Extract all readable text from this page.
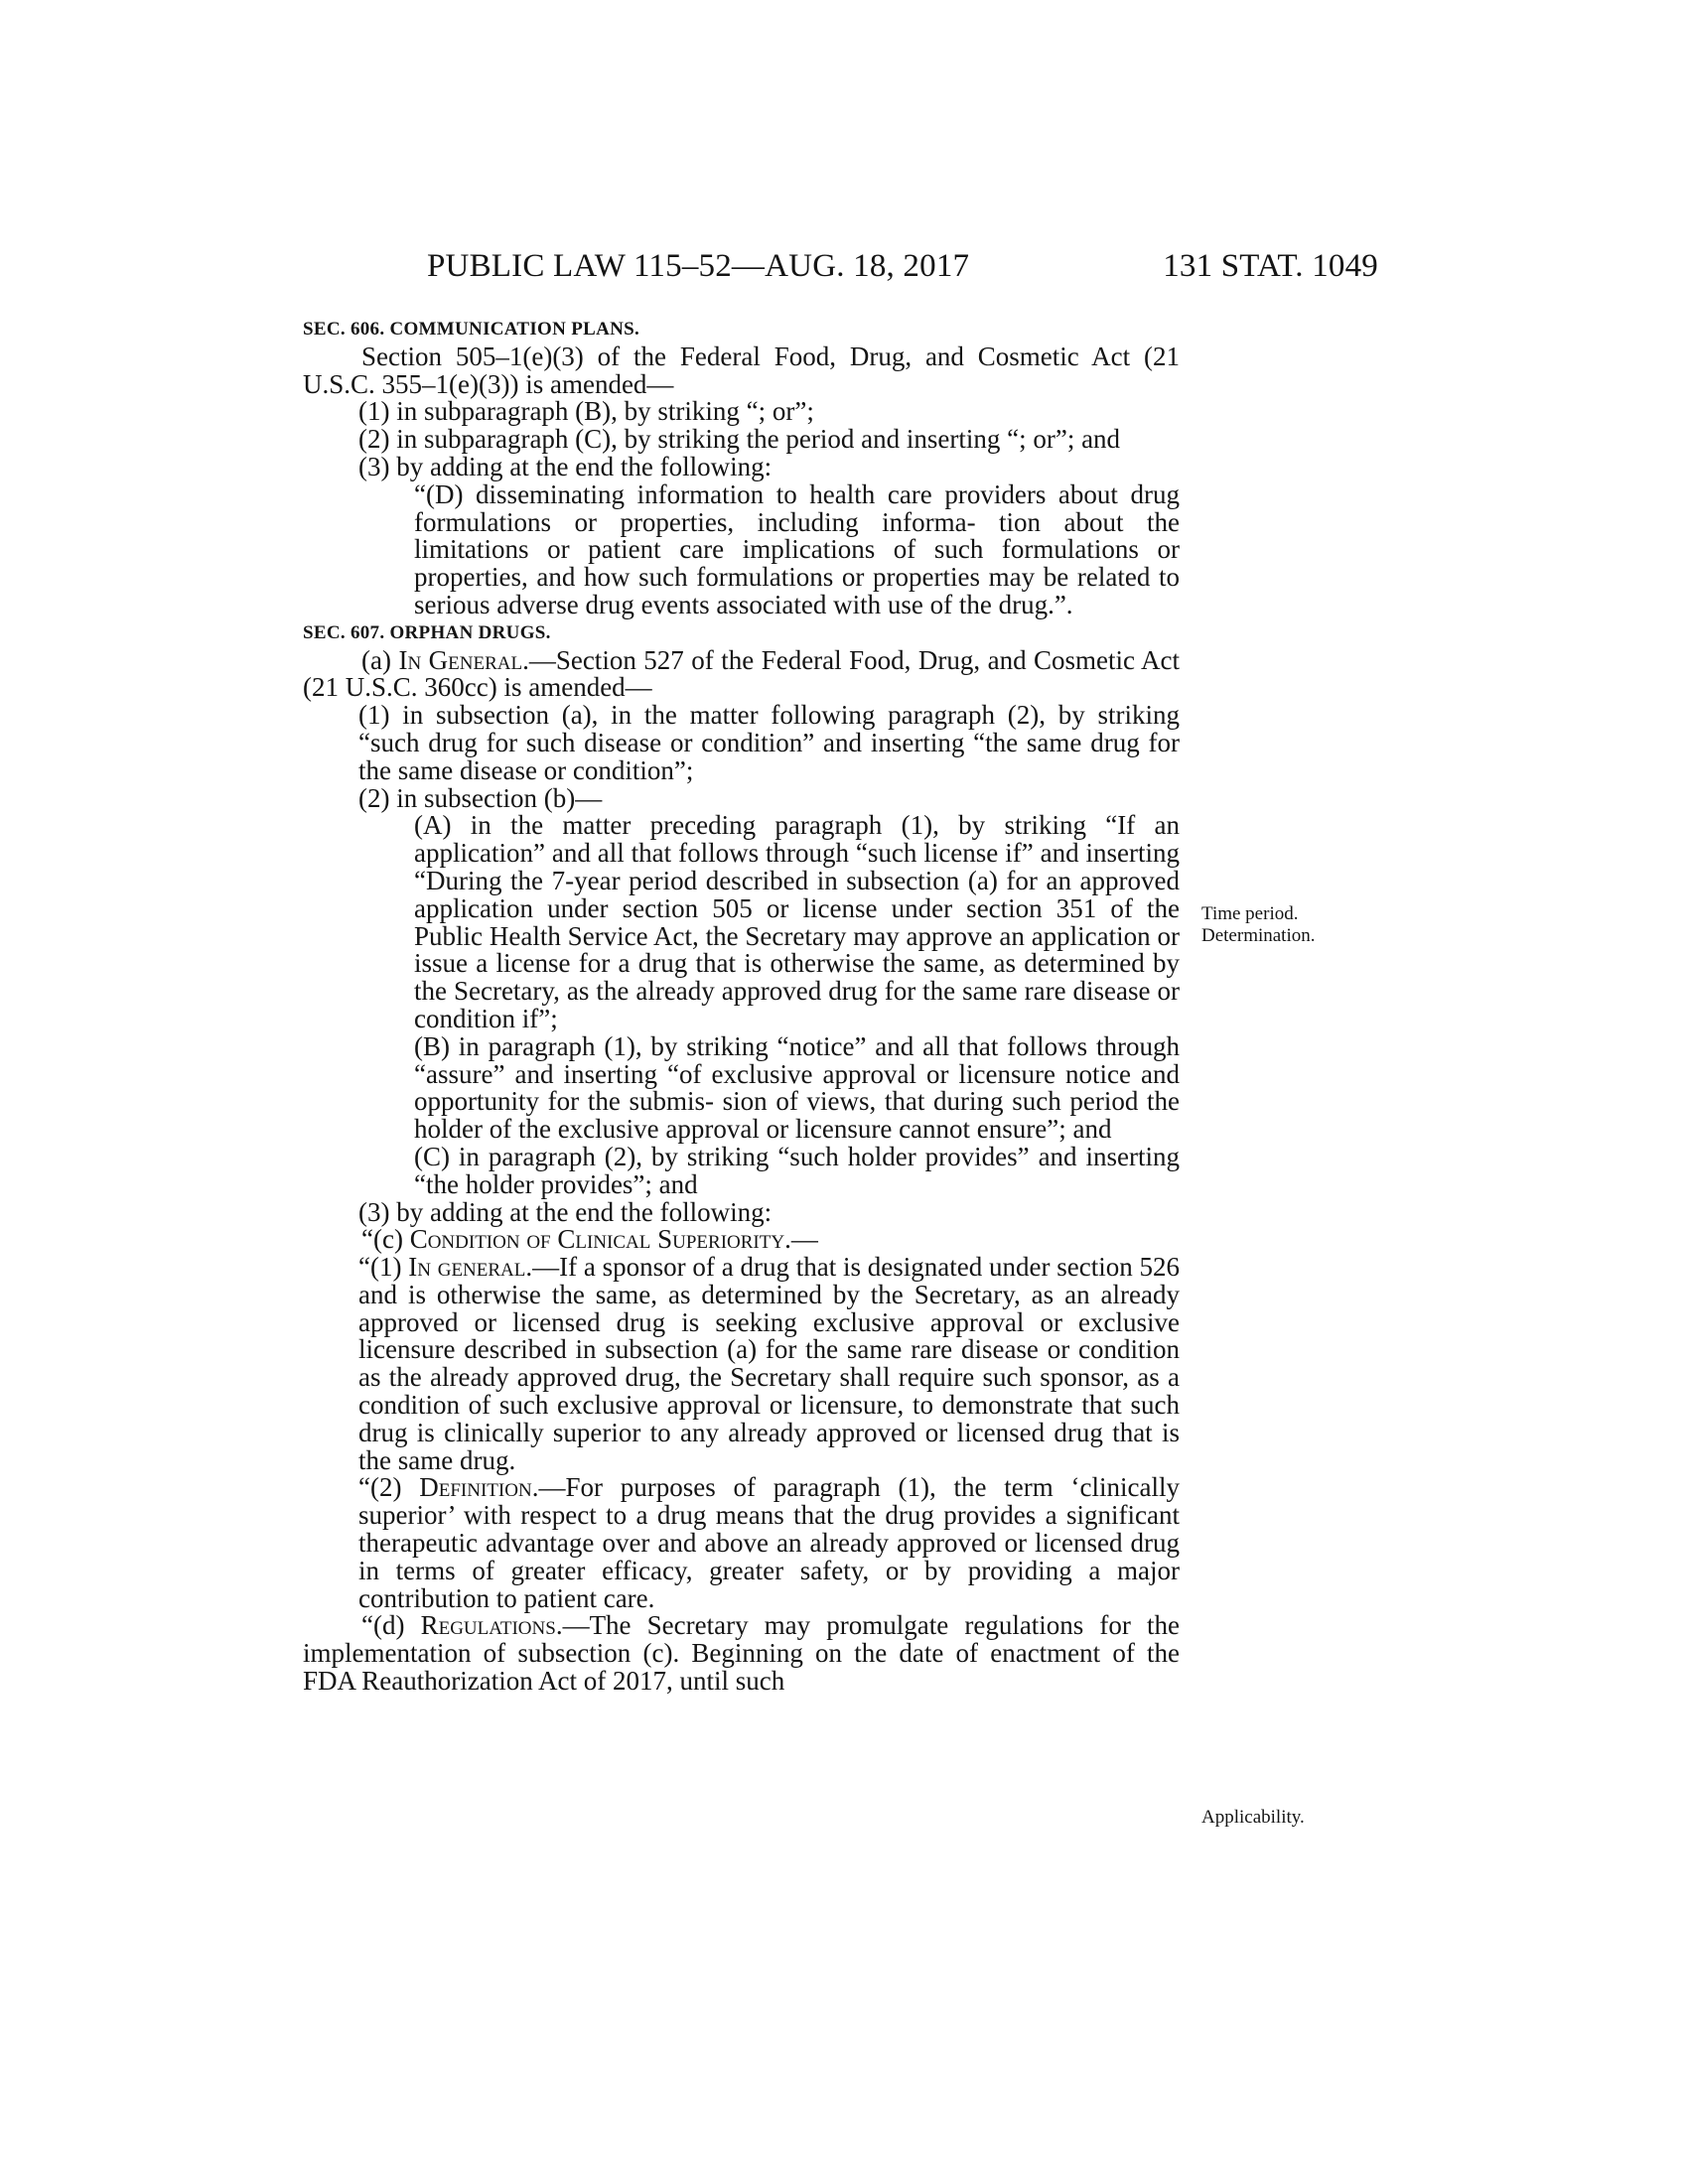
PUBLIC LAW 115–52—AUG. 18, 2017	131 STAT. 1049

SEC. 606. COMMUNICATION PLANS.

Section 505–1(e)(3) of the Federal Food, Drug, and Cosmetic Act (21 U.S.C. 355–1(e)(3)) is amended—

(1) in subparagraph (B), by striking “; or”;

(2) in subparagraph (C), by striking the period and inserting “; or”; and

(3) by adding at the end the following:

“(D) disseminating information to health care providers about drug formulations or properties, including informa- tion about the limitations or patient care implications of such formulations or properties, and how such formulations or properties may be related to serious adverse drug events associated with use of the drug.”.

SEC. 607. ORPHAN DRUGS.

(a) In General.—Section 527 of the Federal Food, Drug, and Cosmetic Act (21 U.S.C. 360cc) is amended—

(1) in subsection (a), in the matter following paragraph (2), by striking “such drug for such disease or condition” and inserting “the same drug for the same disease or condition”;

(2) in subsection (b)—

(A) in the matter preceding paragraph (1), by striking “If an application” and all that follows through “such license if” and inserting “During the 7-year period described in subsection (a) for an approved application under section 505 or license under section 351 of the Public Health Service Act, the Secretary may approve an application or issue a license for a drug that is otherwise the same, as determined by the Secretary, as the already approved drug for the same rare disease or condition if”;

(B) in paragraph (1), by striking “notice” and all that follows through “assure” and inserting “of exclusive approval or licensure notice and opportunity for the submis- sion of views, that during such period the holder of the exclusive approval or licensure cannot ensure”; and

(C) in paragraph (2), by striking “such holder provides” and inserting “the holder provides”; and

(3) by adding at the end the following:

“(c) Condition of Clinical Superiority.—

“(1) In general.—If a sponsor of a drug that is designated under section 526 and is otherwise the same, as determined by the Secretary, as an already approved or licensed drug is seeking exclusive approval or exclusive licensure described in subsection (a) for the same rare disease or condition as the already approved drug, the Secretary shall require such sponsor, as a condition of such exclusive approval or licensure, to demonstrate that such drug is clinically superior to any already approved or licensed drug that is the same drug.

“(2) Definition.—For purposes of paragraph (1), the term ‘clinically superior’ with respect to a drug means that the drug provides a significant therapeutic advantage over and above an already approved or licensed drug in terms of greater efficacy, greater safety, or by providing a major contribution to patient care.

“(d) Regulations.—The Secretary may promulgate regulations for the implementation of subsection (c). Beginning on the date of enactment of the FDA Reauthorization Act of 2017, until such

Time period.
Determination.
Applicability.
